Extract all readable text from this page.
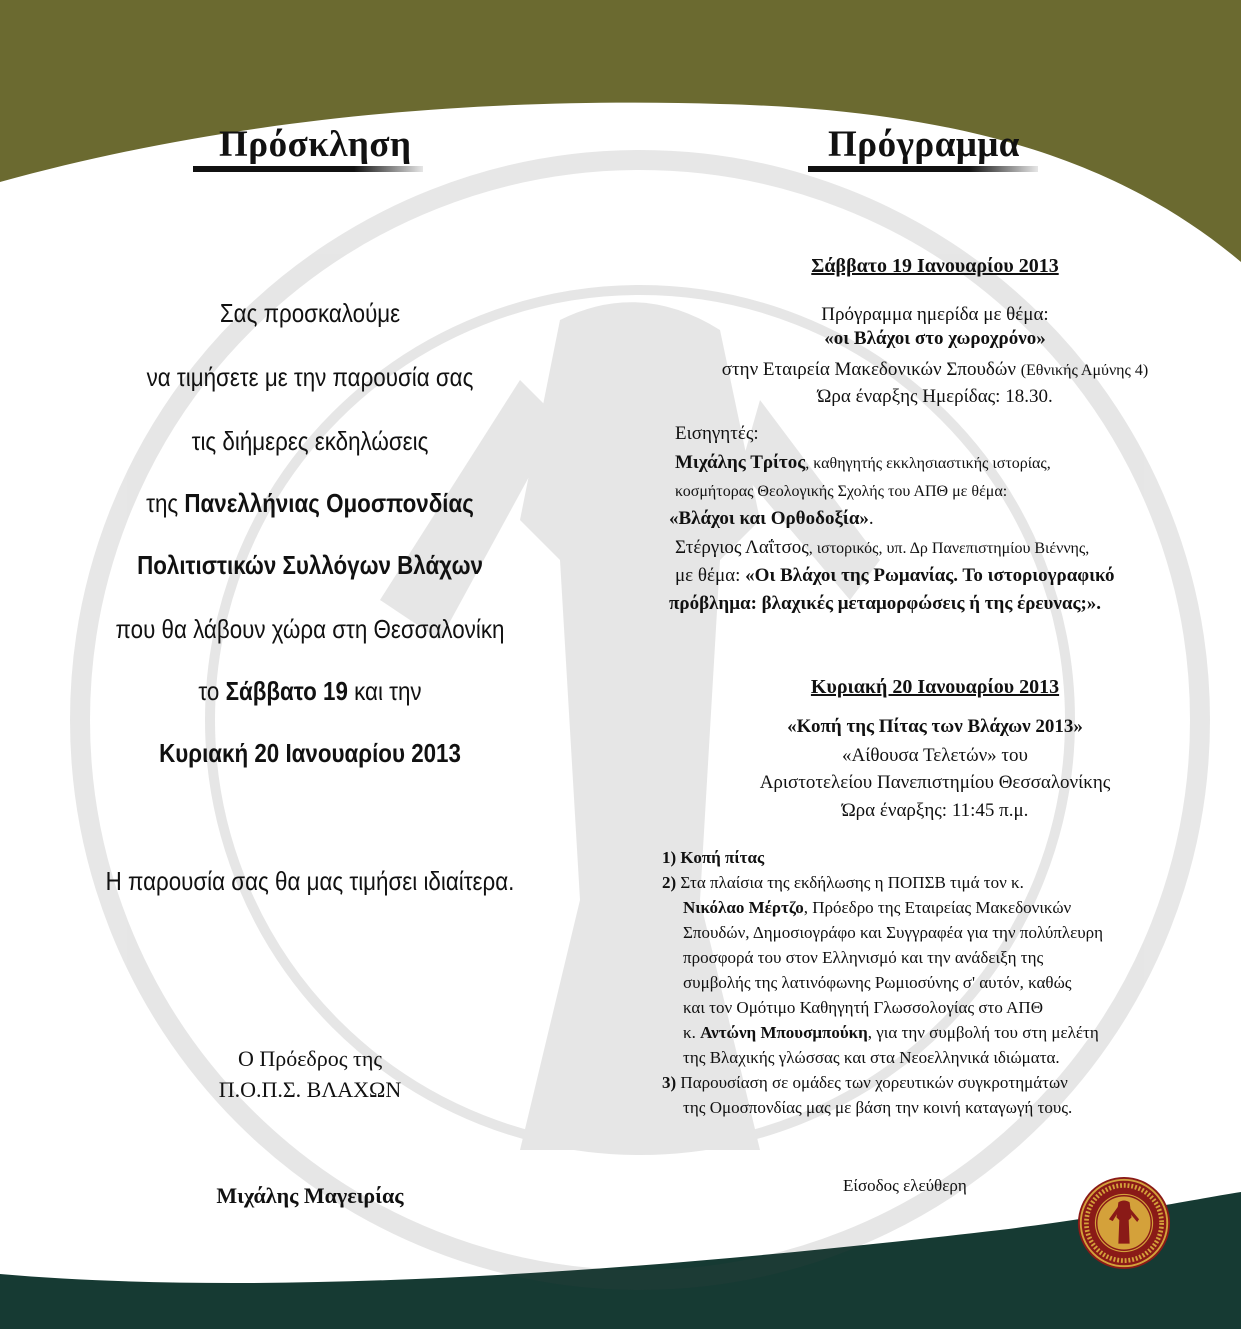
Πρόσκληση
Σας προσκαλούμε
να τιμήσετε με την παρουσία σας
τις διήμερες εκδηλώσεις
της Πανελλήνιας Ομοσπονδίας
Πολιτιστικών Συλλόγων Βλάχων
που θα λάβουν χώρα στη Θεσσαλονίκη
το Σάββατο 19 και την
Κυριακή 20 Ιανουαρίου 2013
Η παρουσία σας θα μας τιμήσει ιδιαίτερα.
Ο Πρόεδρος της
Π.Ο.Π.Σ. ΒΛΑΧΩΝ
Μιχάλης Μαγειρίας
Πρόγραμμα
Σάββατο 19 Ιανουαρίου 2013
Πρόγραμμα ημερίδα με θέμα:
«οι Βλάχοι στο χωροχρόνο»
στην Εταιρεία Μακεδονικών Σπουδών (Εθνικής Αμύνης 4)
Ώρα έναρξης Ημερίδας: 18.30.
Εισηγητές:
Μιχάλης Τρίτος, καθηγητής εκκλησιαστικής ιστορίας,
κοσμήτορας Θεολογικής Σχολής του ΑΠΘ με θέμα:
«Βλάχοι και Ορθοδοξία».
Στέργιος Λαΐτσος, ιστορικός, υπ. Δρ Πανεπιστημίου Βιέννης,
με θέμα: «Οι Βλάχοι της Ρωμανίας. Το ιστοριογραφικό
πρόβλημα: βλαχικές μεταμορφώσεις ή της έρευνας;».
Κυριακή 20 Ιανουαρίου 2013
«Κοπή της Πίτας των Βλάχων 2013»
«Αίθουσα Τελετών» του
Αριστοτελείου Πανεπιστημίου Θεσσαλονίκης
Ώρα έναρξης: 11:45 π.μ.
1) Κοπή πίτας
2) Στα πλαίσια της εκδήλωσης η ΠΟΠΣΒ τιμά τον κ.
Νικόλαο Μέρτζο, Πρόεδρο της Εταιρείας Μακεδονικών
Σπουδών, Δημοσιογράφο και Συγγραφέα για την πολύπλευρη
προσφορά του στον Ελληνισμό και την ανάδειξη της
συμβολής της λατινόφωνης Ρωμιοσύνης σ' αυτόν, καθώς
και τον Ομότιμο Καθηγητή Γλωσσολογίας στο ΑΠΘ
κ. Αντώνη Μπουσμπούκη, για την συμβολή του στη μελέτη
της Βλαχικής γλώσσας και στα Νεοελληνικά ιδιώματα.
3) Παρουσίαση σε ομάδες των χορευτικών συγκροτημάτων
της Ομοσπονδίας μας με βάση την κοινή καταγωγή τους.
Είσοδος ελεύθερη
